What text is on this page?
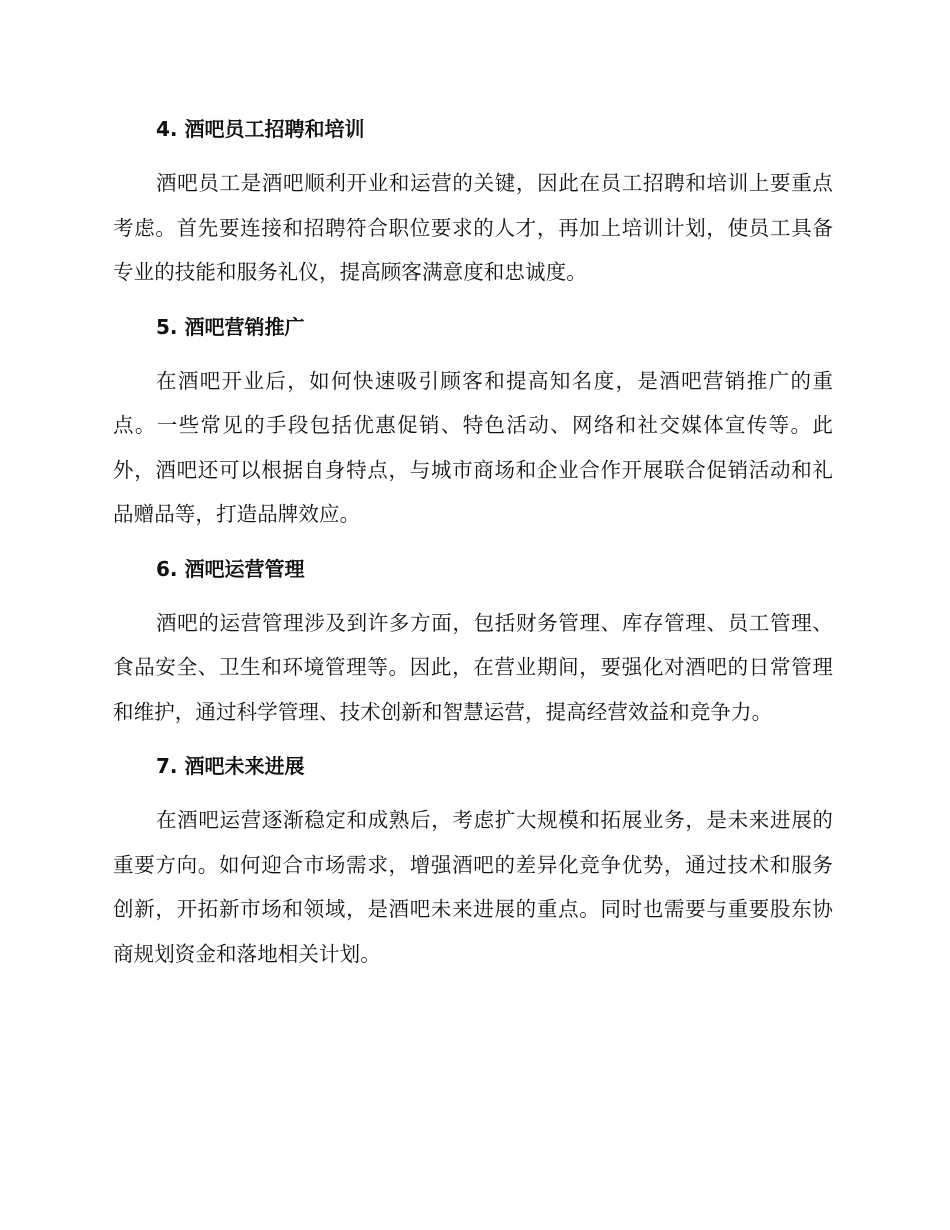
4. 酒吧员工招聘和培训

酒吧员工是酒吧顺利开业和运营的关键，因此在员工招聘和培训上要重点考虑。首先要连接和招聘符合职位要求的人才，再加上培训计划，使员工具备专业的技能和服务礼仪，提高顾客满意度和忠诚度。

5. 酒吧营销推广

在酒吧开业后，如何快速吸引顾客和提高知名度，是酒吧营销推广的重点。一些常见的手段包括优惠促销、特色活动、网络和社交媒体宣传等。此外，酒吧还可以根据自身特点，与城市商场和企业合作开展联合促销活动和礼品赠品等，打造品牌效应。

6. 酒吧运营管理

酒吧的运营管理涉及到许多方面，包括财务管理、库存管理、员工管理、食品安全、卫生和环境管理等。因此，在营业期间，要强化对酒吧的日常管理和维护，通过科学管理、技术创新和智慧运营，提高经营效益和竞争力。

7. 酒吧未来进展

在酒吧运营逐渐稳定和成熟后，考虑扩大规模和拓展业务，是未来进展的重要方向。如何迎合市场需求，增强酒吧的差异化竞争优势，通过技术和服务创新，开拓新市场和领域，是酒吧未来进展的重点。同时也需要与重要股东协商规划资金和落地相关计划。
